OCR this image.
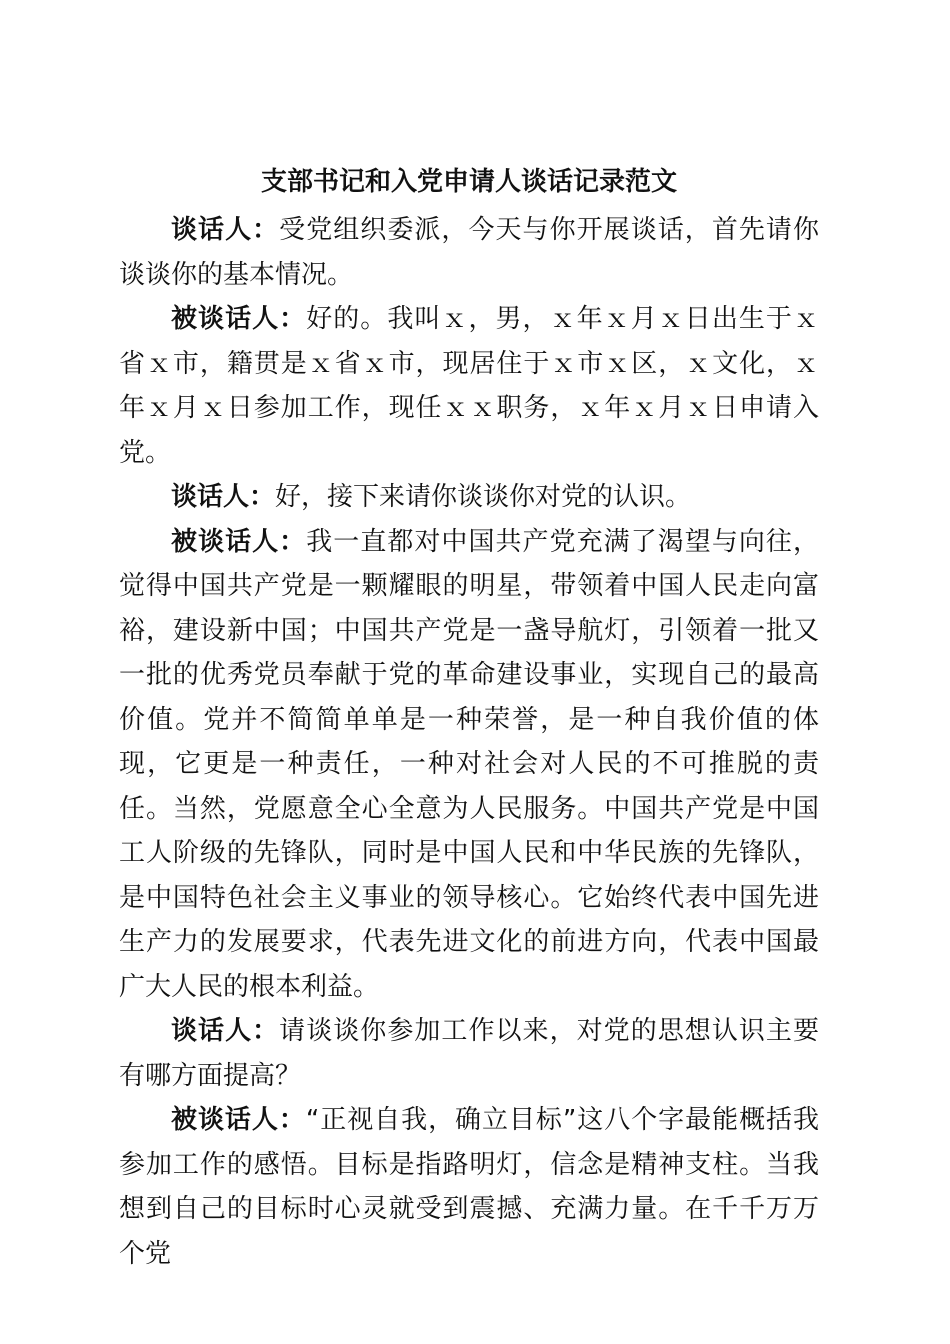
支部书记和入党申请人谈话记录范文

谈话人：受党组织委派，今天与你开展谈话，首先请你谈谈你的基本情况。

被谈话人：好的。我叫ｘ，男，ｘ年ｘ月ｘ日出生于ｘ省ｘ市，籍贯是ｘ省ｘ市，现居住于ｘ市ｘ区，ｘ文化，ｘ年ｘ月ｘ日参加工作，现任ｘｘ职务，ｘ年ｘ月ｘ日申请入党。

谈话人：好，接下来请你谈谈你对党的认识。

被谈话人：我一直都对中国共产党充满了渴望与向往，觉得中国共产党是一颗耀眼的明星，带领着中国人民走向富裕，建设新中国；中国共产党是一盏导航灯，引领着一批又一批的优秀党员奉献于党的革命建设事业，实现自己的最高价值。党并不简简单单是一种荣誉，是一种自我价值的体现，它更是一种责任，一种对社会对人民的不可推脱的责任。当然，党愿意全心全意为人民服务。中国共产党是中国工人阶级的先锋队，同时是中国人民和中华民族的先锋队，是中国特色社会主义事业的领导核心。它始终代表中国先进生产力的发展要求，代表先进文化的前进方向，代表中国最广大人民的根本利益。

谈话人：请谈谈你参加工作以来，对党的思想认识主要有哪方面提高？

被谈话人：“正视自我，确立目标”这八个字最能概括我参加工作的感悟。目标是指路明灯，信念是精神支柱。当我想到自己的目标时心灵就受到震撼、充满力量。在千千万万个党
